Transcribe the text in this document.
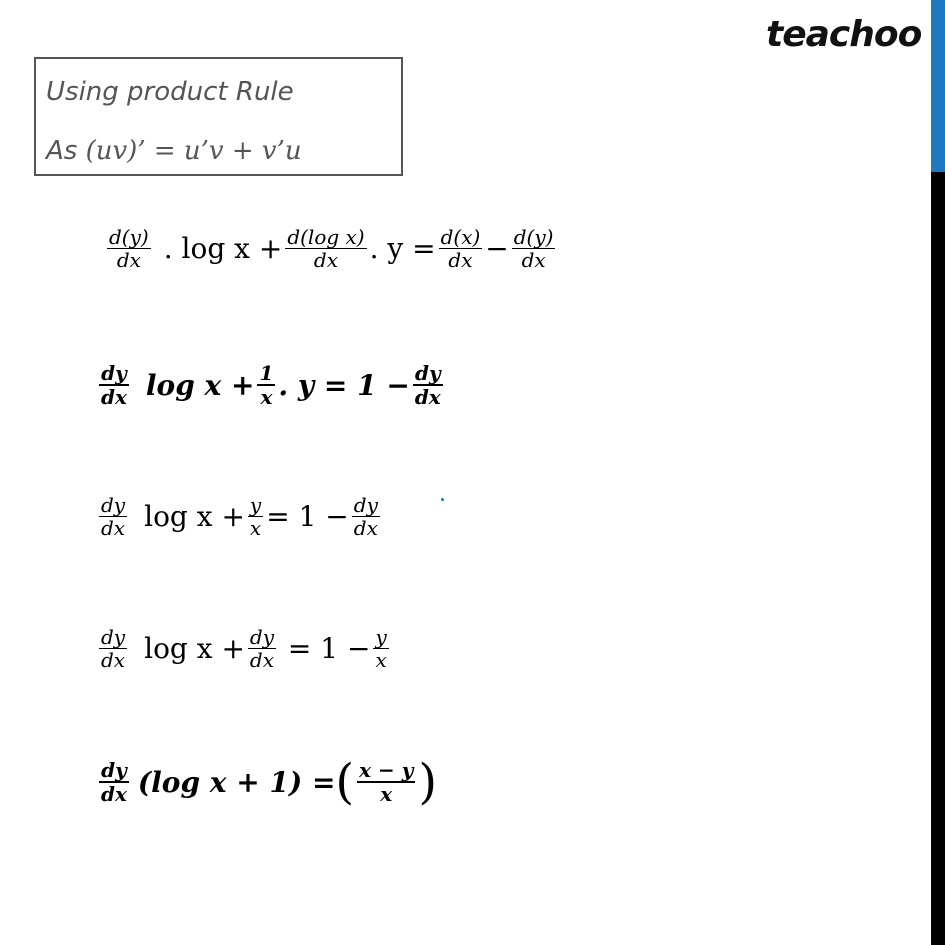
teachoo
Using product Rule
As (uv)’ = u’v + v’u
$\frac{d(y)}{dx}$ . $\log x + \frac{\text{d(log x)}}{dx}$ . $y = \frac{d(x)}{dx} - \frac{d(y)}{dx}$
$\frac{dy}{dx}$ $\log x + \frac{1}{x}$ . $y = 1 - \frac{dy}{dx}$
$\frac{dy}{dx}$ $\log x + \frac{y}{x} = 1 - \frac{dy}{dx}$
$\frac{dy}{dx}$ $\log x + \frac{dy}{dx} = 1 - \frac{y}{x}$
$\frac{dy}{dx} (\log$ x + 1) = ( $\frac{x - y}{x}$ )
